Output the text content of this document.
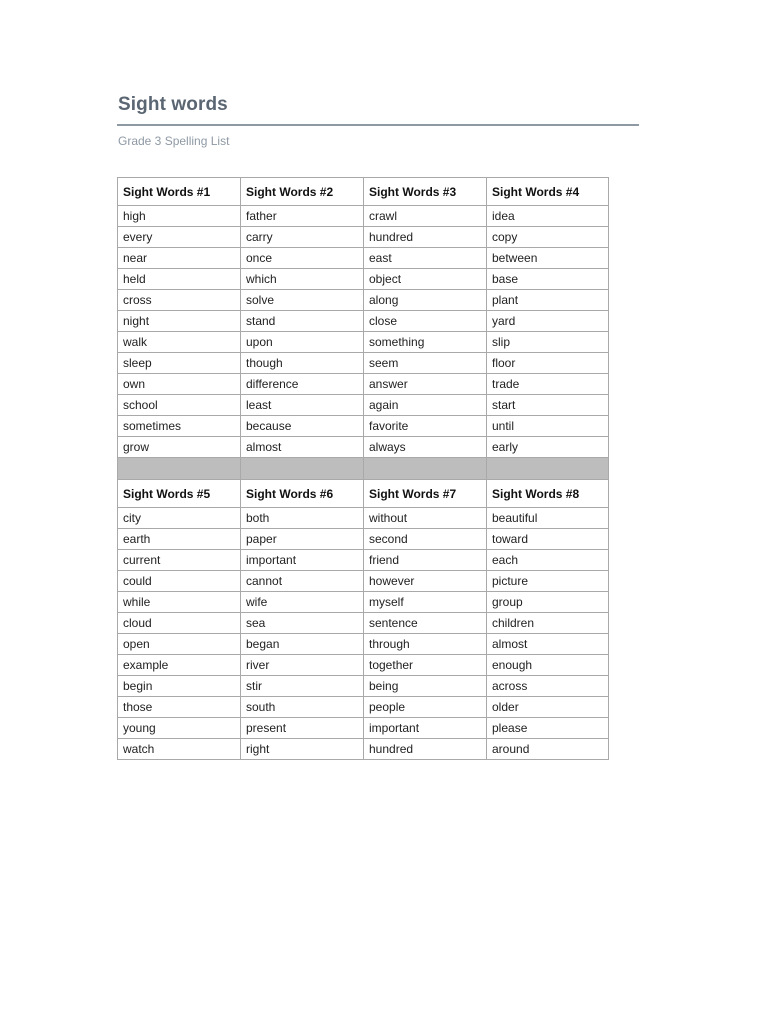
Sight words
Grade 3 Spelling List
Sight Words #1	Sight Words #2	Sight Words #3	Sight Words #4
high	father	crawl	idea
every	carry	hundred	copy
near	once	east	between
held	which	object	base
cross	solve	along	plant
night	stand	close	yard
walk	upon	something	slip
sleep	though	seem	floor
own	difference	answer	trade
school	least	again	start
sometimes	because	favorite	until
grow	almost	always	early

Sight Words #5	Sight Words #6	Sight Words #7	Sight Words #8
city	both	without	beautiful
earth	paper	second	toward
current	important	friend	each
could	cannot	however	picture
while	wife	myself	group
cloud	sea	sentence	children
open	began	through	almost
example	river	together	enough
begin	stir	being	across
those	south	people	older
young	present	important	please
watch	right	hundred	around
